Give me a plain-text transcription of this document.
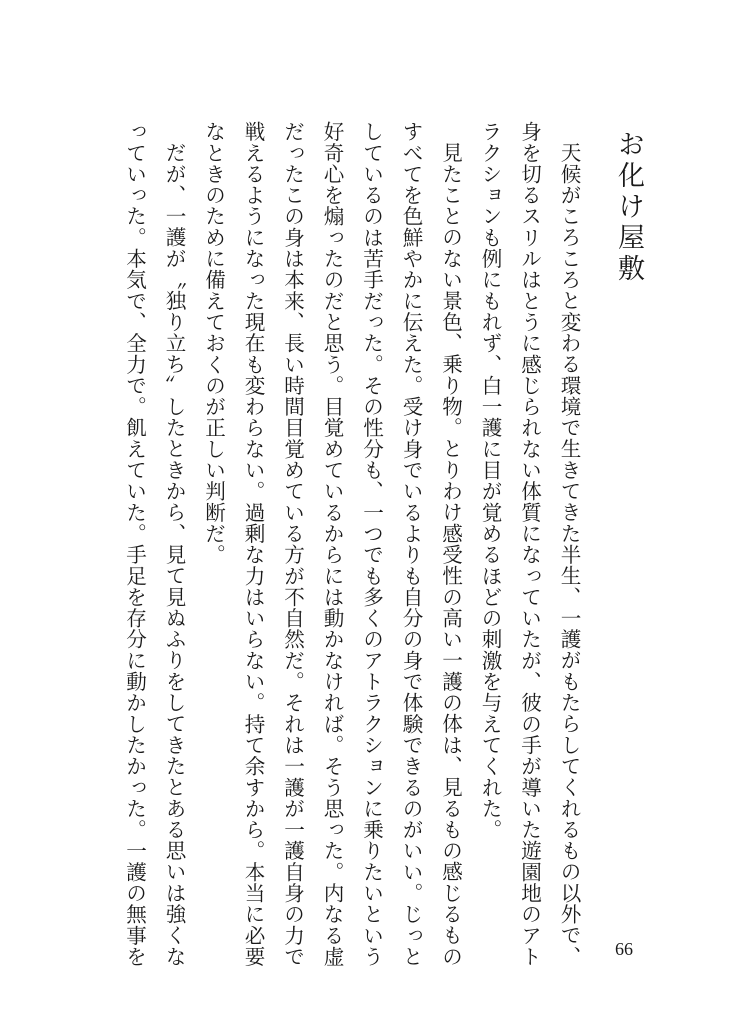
お化け屋敷

天候がころころと変わる環境で生きてきた半生、一護がもたらしてくれるもの以外で、
身を切るスリルはとうに感じられない体質になっていたが、彼の手が導いた遊園地のアト
ラクションも例にもれず、白一護に目が覚めるほどの刺激を与えてくれた。

見たことのない景色、乗り物。とりわけ感受性の高い一護の体は、見るもの感じるもの
すべてを色鮮やかに伝えた。受け身でいるよりも自分の身で体験できるのがいい。じっと
しているのは苦手だった。その性分も、一つでも多くのアトラクションに乗りたいという
好奇心を煽ったのだと思う。目覚めているからには動かなければ。そう思った。内なる虚
だったこの身は本来、長い時間目覚めている方が不自然だ。それは一護が一護自身の力で
戦えるようになった現在も変わらない。過剰な力はいらない。持て余すから。本当に必要
なときのために備えておくのが正しい判断だ。

だが、一護が〝独り立ち〟したときから、見て見ぬふりをしてきたとある思いは強くな
っていった。本気で、全力で。飢えていた。手足を存分に動かしたかった。一護の無事を	66
